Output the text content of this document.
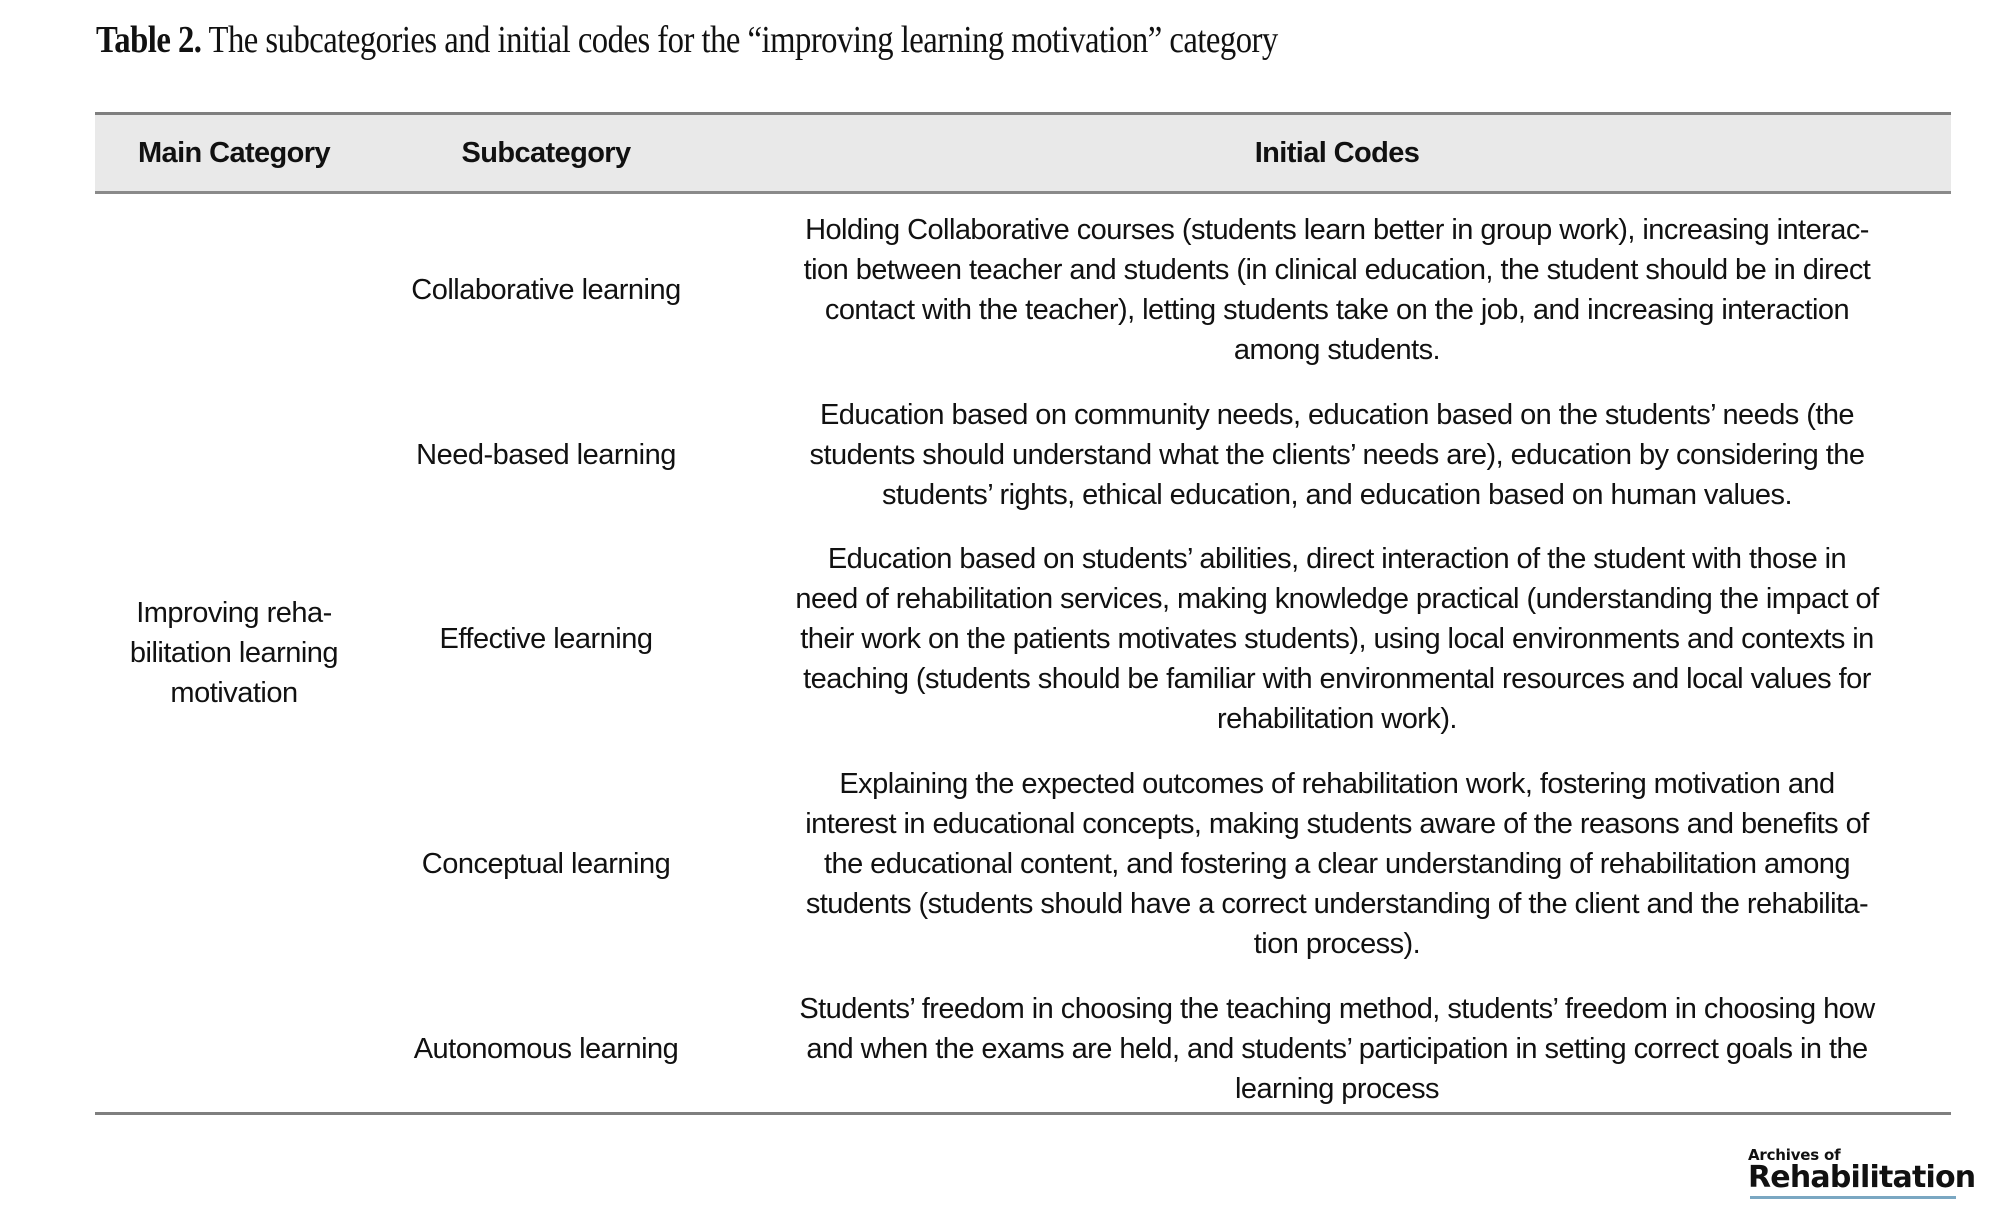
Table 2. The subcategories and initial codes for the “improving learning motivation” category
Main Category	Subcategory	Initial Codes
Improving reha-
bilitation learning
motivation
Collaborative learning
Holding Collaborative courses (students learn better in group work), increasing interac-
tion between teacher and students (in clinical education, the student should be in direct
contact with the teacher), letting students take on the job, and increasing interaction
among students.
Need-based learning
Education based on community needs, education based on the students’ needs (the
students should understand what the clients’ needs are), education by considering the
students’ rights, ethical education, and education based on human values.
Effective learning
Education based on students’ abilities, direct interaction of the student with those in
need of rehabilitation services, making knowledge practical (understanding the impact of
their work on the patients motivates students), using local environments and contexts in
teaching (students should be familiar with environmental resources and local values for
rehabilitation work).
Conceptual learning
Explaining the expected outcomes of rehabilitation work, fostering motivation and
interest in educational concepts, making students aware of the reasons and benefits of
the educational content, and fostering a clear understanding of rehabilitation among
students (students should have a correct understanding of the client and the rehabilita-
tion process).
Autonomous learning
Students’ freedom in choosing the teaching method, students’ freedom in choosing how
and when the exams are held, and students’ participation in setting correct goals in the
learning process
Archives of
Rehabilitation
